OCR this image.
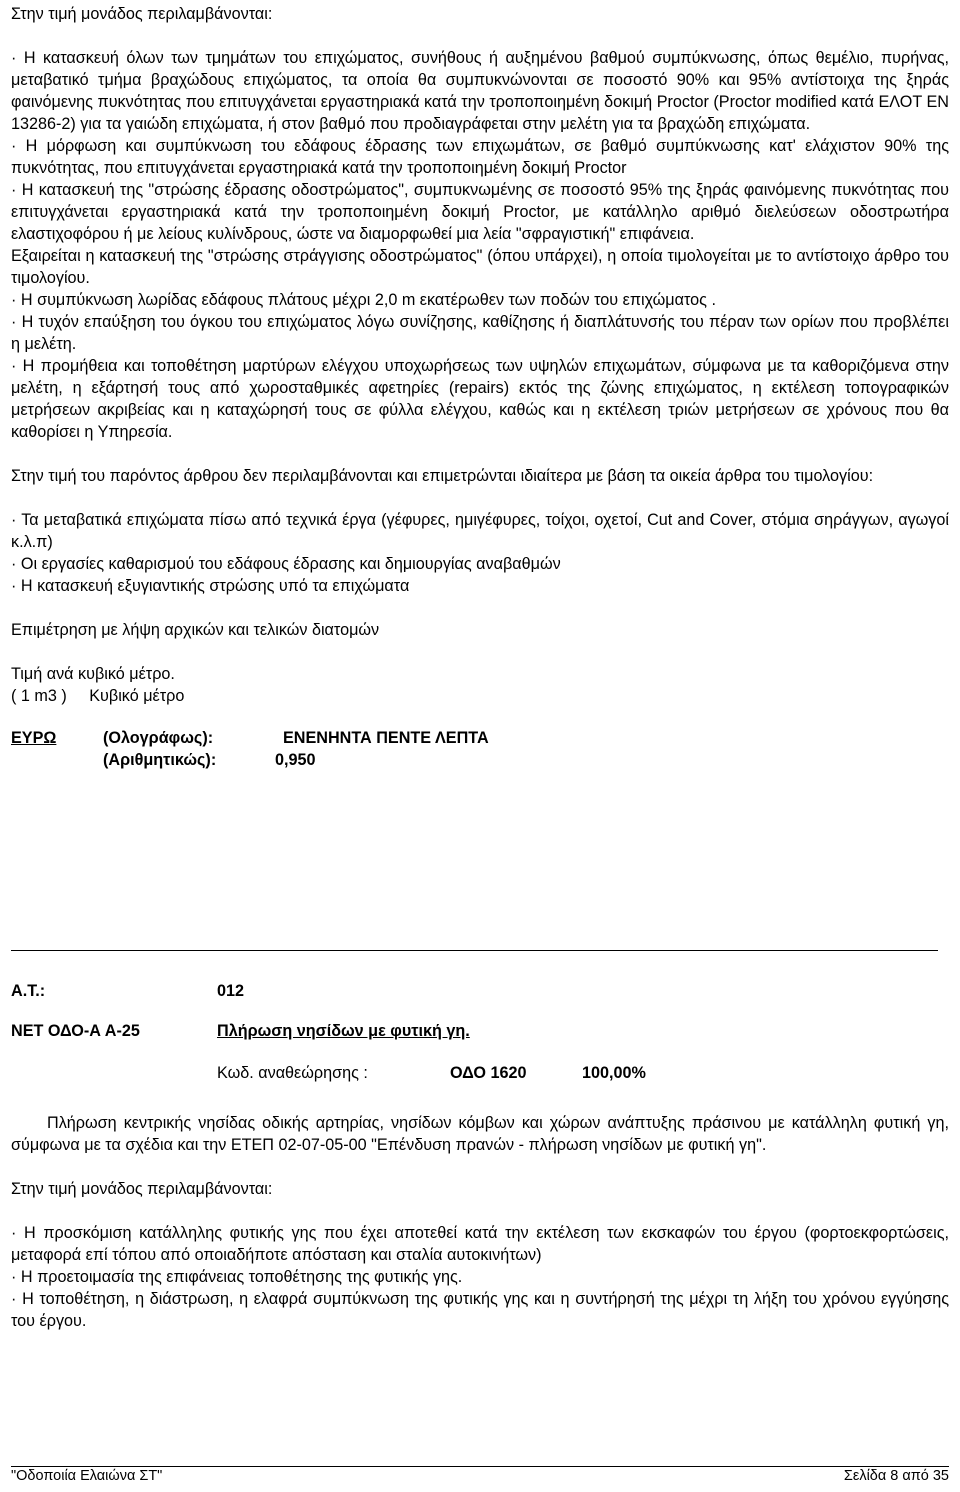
Στην τιμή μονάδος περιλαμβάνονται:

· Η κατασκευή όλων των τμημάτων του επιχώματος, συνήθους ή αυξημένου βαθμού συμπύκνωσης, όπως θεμέλιο, πυρήνας, μεταβατικό τμήμα βραχώδους επιχώματος, τα οποία θα συμπυκνώνονται σε ποσοστό 90% και 95% αντίστοιχα της ξηράς φαινόμενης πυκνότητας που επιτυγχάνεται εργαστηριακά κατά την τροποποιημένη δοκιμή Proctor (Proctor modified κατά ΕΛΟΤ ΕΝ 13286-2) για τα γαιώδη επιχώματα, ή στον βαθμό που προδιαγράφεται στην μελέτη για τα βραχώδη επιχώματα.

· Η μόρφωση και συμπύκνωση του εδάφους έδρασης των επιχωμάτων, σε βαθμό συμπύκνωσης κατ' ελάχιστον 90% της πυκνότητας, που επιτυγχάνεται εργαστηριακά κατά την τροποποιημένη δοκιμή Proctor

· Η κατασκευή της "στρώσης έδρασης οδοστρώματος", συμπυκνωμένης σε ποσοστό 95% της ξηράς φαινόμενης πυκνότητας που επιτυγχάνεται εργαστηριακά κατά την τροποποιημένη δοκιμή Proctor, με κατάλληλο αριθμό διελεύσεων οδοστρωτήρα ελαστιχοφόρου ή με λείους κυλίνδρους, ώστε να διαμορφωθεί μια λεία "σφραγιστική" επιφάνεια.

Εξαιρείται η κατασκευή της "στρώσης στράγγισης οδοστρώματος" (όπου υπάρχει), η οποία τιμολογείται με το αντίστοιχο άρθρο του τιμολογίου.

· Η συμπύκνωση λωρίδας εδάφους πλάτους μέχρι 2,0 m εκατέρωθεν των ποδών του επιχώματος .

· Η τυχόν επαύξηση του όγκου του επιχώματος λόγω συνίζησης, καθίζησης ή διαπλάτυνσής του πέραν των ορίων που προβλέπει η μελέτη.

· Η προμήθεια και τοποθέτηση μαρτύρων ελέγχου υποχωρήσεως των υψηλών επιχωμάτων, σύμφωνα με τα καθοριζόμενα στην μελέτη, η εξάρτησή τους από χωροσταθμικές αφετηρίες (repairs) εκτός της ζώνης επιχώματος, η εκτέλεση τοπογραφικών μετρήσεων ακριβείας και η καταχώρησή τους σε φύλλα ελέγχου, καθώς και η εκτέλεση τριών μετρήσεων σε χρόνους που θα καθορίσει η Υπηρεσία.

Στην τιμή του παρόντος άρθρου δεν περιλαμβάνονται και επιμετρώνται ιδιαίτερα με βάση τα οικεία άρθρα του τιμολογίου:

· Τα μεταβατικά επιχώματα πίσω από τεχνικά έργα (γέφυρες, ημιγέφυρες, τοίχοι, οχετοί, Cut and Cover, στόμια σηράγγων, αγωγοί κ.λ.π)

· Οι εργασίες καθαρισμού του εδάφους έδρασης και δημιουργίας αναβαθμών

· Η κατασκευή εξυγιαντικής στρώσης υπό τα επιχώματα

Επιμέτρηση με λήψη αρχικών και τελικών διατομών

Τιμή ανά κυβικό μέτρο.

( 1 m3 )     Κυβικό μέτρο

ΕΥΡΩ	(Ολογράφως):	ΕΝΕΝΗΝΤΑ ΠΕΝΤΕ ΛΕΠΤΑ
(Αριθμητικώς):	0,950
Α.Τ.:	012
ΝΕΤ ΟΔΟ-Α Α-25	Πλήρωση νησίδων με φυτική γη.
Κωδ. αναθεώρησης :	ΟΔΟ 1620	100,00%

Πλήρωση κεντρικής νησίδας οδικής αρτηρίας, νησίδων κόμβων και χώρων ανάπτυξης πράσινου με κατάλληλη φυτική γη, σύμφωνα με τα σχέδια και την ΕΤΕΠ 02-07-05-00 "Επένδυση πρανών - πλήρωση νησίδων με φυτική γη".

Στην τιμή μονάδος περιλαμβάνονται:

· Η προσκόμιση κατάλληλης φυτικής γης που έχει αποτεθεί κατά την εκτέλεση των εκσκαφών του έργου (φορτοεκφορτώσεις, μεταφορά επί τόπου από οποιαδήποτε απόσταση και σταλία αυτοκινήτων)

· Η προετοιμασία της επιφάνειας τοποθέτησης της φυτικής γης.

· Η τοποθέτηση, η διάστρωση, η ελαφρά συμπύκνωση της φυτικής γης και η συντήρησή της μέχρι τη λήξη του χρόνου εγγύησης του έργου.

"Οδοποιία Ελαιώνα ΣΤ"	Σελίδα 8 από 35
